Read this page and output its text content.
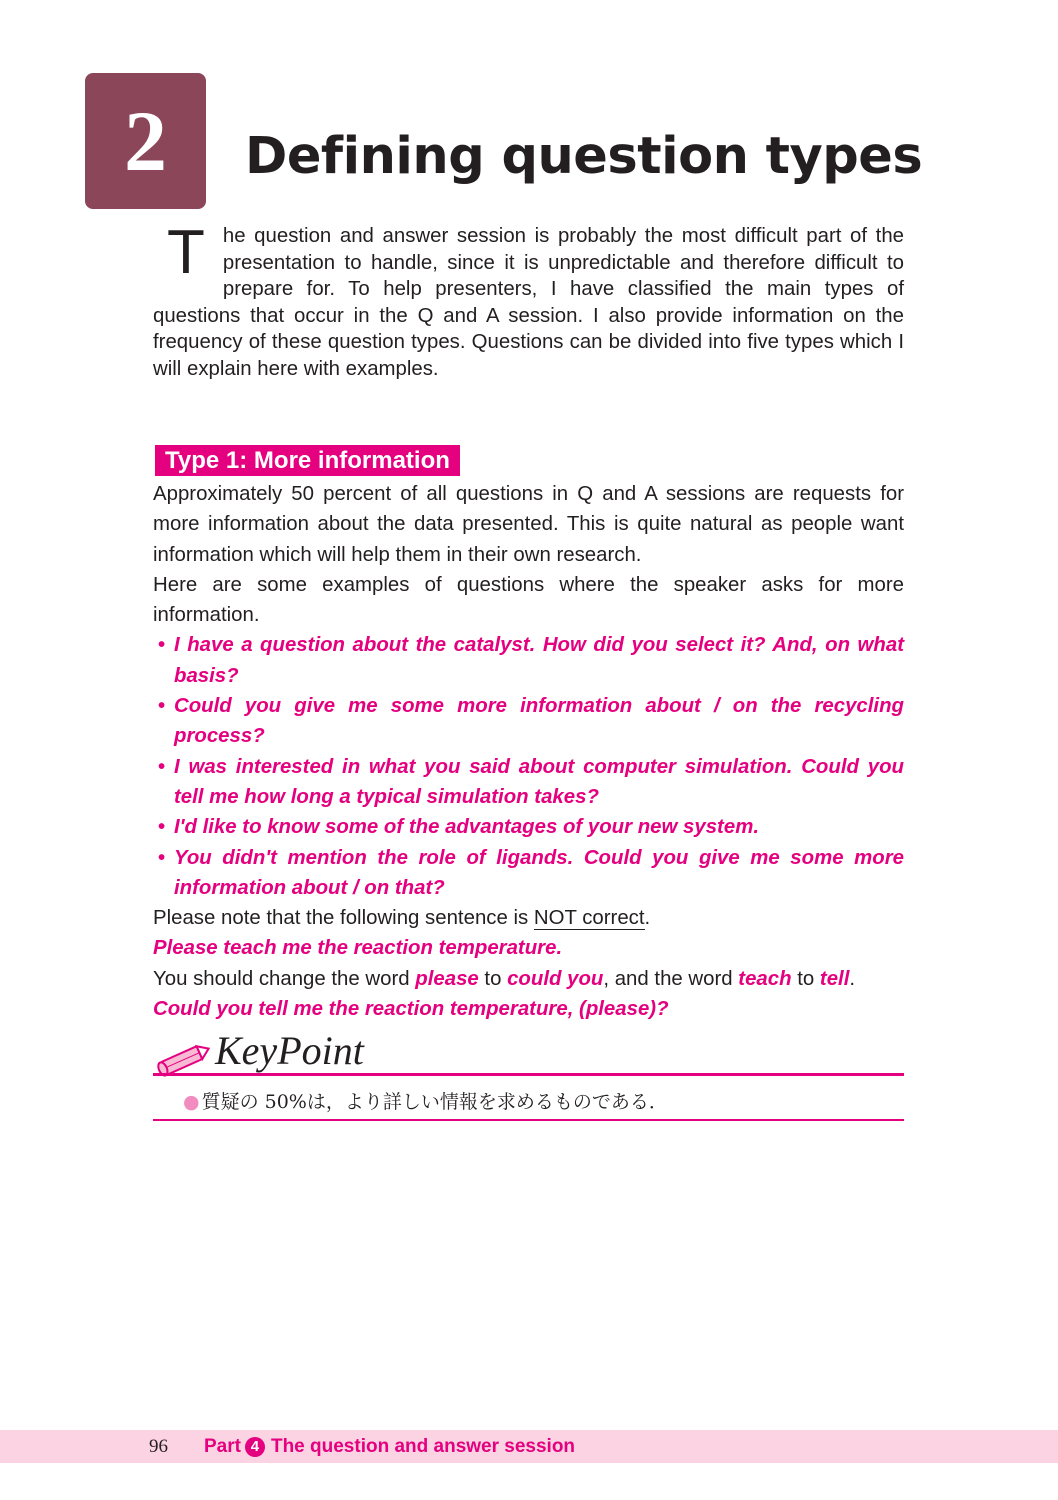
2 Defining question types

The question and answer session is probably the most difficult part of the presentation to handle, since it is unpredictable and therefore difficult to prepare for. To help presenters, I have classified the main types of questions that occur in the Q and A session. I also provide information on the frequency of these question types. Questions can be divided into five types which I will explain here with examples.

Type 1: More information

Approximately 50 percent of all questions in Q and A sessions are requests for more information about the data presented. This is quite natural as people want information which will help them in their own research.

Here are some examples of questions where the speaker asks for more information.

• I have a question about the catalyst. How did you select it? And, on what basis?
• Could you give me some more information about / on the recycling process?
• I was interested in what you said about computer simulation. Could you tell me how long a typical simulation takes?
• I'd like to know some of the advantages of your new system.
• You didn't mention the role of ligands. Could you give me some more information about / on that?

Please note that the following sentence is NOT correct.

Please teach me the reaction temperature.

You should change the word please to could you, and the word teach to tell.

Could you tell me the reaction temperature, (please)?

KeyPoint

● 質疑の 50%は，より詳しい情報を求めるものである．

96 Part 4 The question and answer session
